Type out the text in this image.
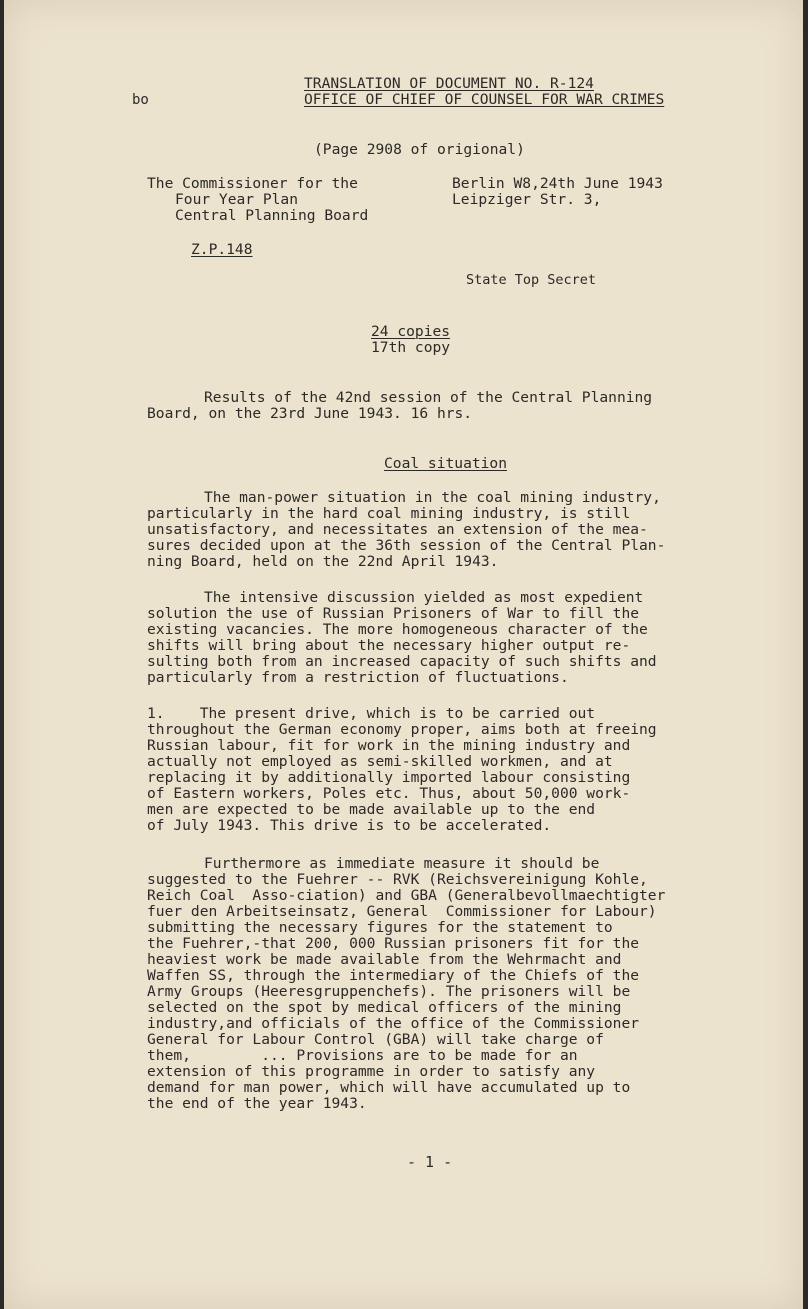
bo
TRANSLATION OF DOCUMENT NO. R-124
OFFICE OF CHIEF OF COUNSEL FOR WAR CRIMES
(Page 2908 of origional)
The Commissioner for the
Four Year Plan
Central Planning Board
Berlin W8,24th June 1943
Leipziger Str. 3,
Z.P.148
State Top Secret
24 copies
17th copy
Results of the 42nd session of the Central Planning
Board, on the 23rd June 1943. 16 hrs.
Coal situation
The man-power situation in the coal mining industry,
particularly in the hard coal mining industry, is still
unsatisfactory, and necessitates an extension of the mea-
sures decided upon at the 36th session of the Central Plan-
ning Board, held on the 22nd April 1943.
The intensive discussion yielded as most expedient
solution the use of Russian Prisoners of War to fill the
existing vacancies. The more homogeneous character of the
shifts will bring about the necessary higher output re-
sulting both from an increased capacity of such shifts and
particularly from a restriction of fluctuations.
1.    The present drive, which is to be carried out
throughout the German economy proper, aims both at freeing
Russian labour, fit for work in the mining industry and
actually not employed as semi-skilled workmen, and at
replacing it by additionally imported labour consisting
of Eastern workers, Poles etc. Thus, about 50,000 work-
men are expected to be made available up to the end
of July 1943. This drive is to be accelerated.
Furthermore as immediate measure it should be
suggested to the Fuehrer -- RVK (Reichsvereinigung Kohle,
Reich Coal  Asso-ciation) and GBA (Generalbevollmaechtigter
fuer den Arbeitseinsatz, General  Commissioner for Labour)
submitting the necessary figures for the statement to
the Fuehrer,-that 200, 000 Russian prisoners fit for the
heaviest work be made available from the Wehrmacht and
Waffen SS, through the intermediary of the Chiefs of the
Army Groups (Heeresgruppenchefs). The prisoners will be
selected on the spot by medical officers of the mining
industry,and officials of the office of the Commissioner
General for Labour Control (GBA) will take charge of
them,        ... Provisions are to be made for an
extension of this programme in order to satisfy any
demand for man power, which will have accumulated up to
the end of the year 1943.
- 1 -
